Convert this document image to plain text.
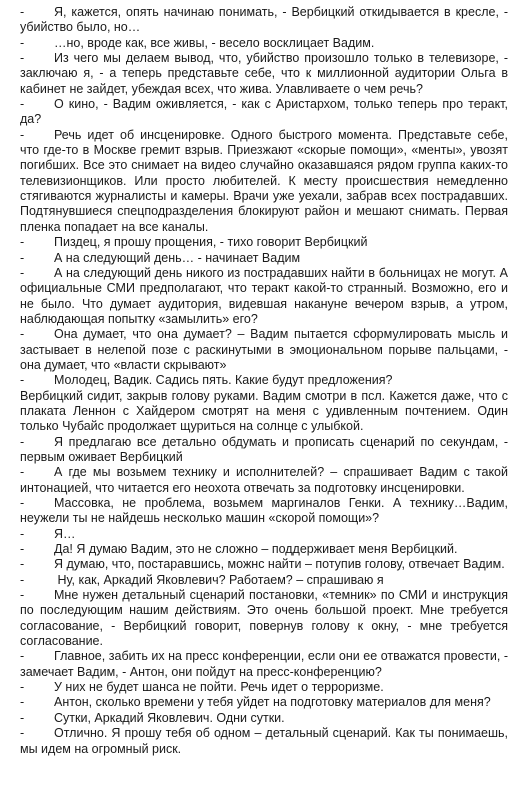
- Я, кажется, опять начинаю понимать, - Вербицкий откидывается в кресле, - убийство было, но…

- …но, вроде как, все живы, - весело восклицает Вадим.

- Из чего мы делаем вывод, что, убийство произошло только в телевизоре, - заключаю я, - а теперь представьте себе, что к миллионной аудитории Ольга в кабинет не зайдет, убеждая всех, что жива. Улавливаете о чем речь?

- О кино, - Вадим оживляется, - как с Аристархом, только теперь про теракт, да?

- Речь идет об инсценировке. Одного быстрого момента. Представьте себе, что где-то в Москве гремит взрыв. Приезжают «скорые помощи», «менты», увозят погибших. Все это снимает на видео случайно оказавшаяся рядом группа каких-то телевизионщиков. Или просто любителей. К месту происшествия немедленно стягиваются журналисты и камеры. Врачи уже уехали, забрав всех пострадавших. Подтянувшиеся спецподразделения блокируют район и мешают снимать. Первая пленка попадает на все каналы.

- Пиздец, я прошу прощения, - тихо говорит Вербицкий

- А на следующий день… - начинает Вадим

- А на следующий день никого из пострадавших найти в больницах не могут. А официальные СМИ предполагают, что теракт какой-то странный. Возможно, его и не было. Что думает аудитория, видевшая накануне вечером взрыв, а утром, наблюдающая попытку «замылить» его?

- Она думает, что она думает? – Вадим пытается сформулировать мысль и застывает в нелепой позе с раскинутыми в эмоциональном порыве пальцами, - она думает, что «власти скрывают»

- Молодец, Вадик. Садись пять. Какие будут предложения?

Вербицкий сидит, закрыв голову руками. Вадим смотри в псл. Кажется даже, что с плаката Леннон с Хайдером смотрят на меня с удивленным почтением. Один только Чубайс продолжает щуриться на солнце с улыбкой.

- Я предлагаю все детально обдумать и прописать сценарий по секундам, - первым оживает Вербицкий

- А где мы возьмем технику и исполнителей? – спрашивает Вадим с такой интонацией, что читается его неохота отвечать за подготовку инсценировки.

- Массовка, не проблема, возьмем маргиналов Генки. А технику…Вадим, неужели ты не найдешь несколько машин «скорой помощи»?

- Я…

- Да! Я думаю Вадим, это не сложно – поддерживает меня Вербицкий.

- Я думаю, что, постаравшись, можнс найти – потупив голову, отвечает Вадим.

- Ну, как, Аркадий Яковлевич? Работаем? – спрашиваю я

- Мне нужен детальный сценарий постановки, «темник» по СМИ и инструкция по последующим нашим действиям. Это очень большой проект. Мне требуется согласование, - Вербицкий говорит, повернув голову к окну, - мне требуется согласование.

- Главное, забить их на пресс конференции, если они ее отважатся провести, - замечает Вадим, - Антон, они пойдут на пресс-конференцию?

- У них не будет шанса не пойти. Речь идет о терроризме.

- Антон, сколько времени у тебя уйдет на подготовку материалов для меня?

- Сутки, Аркадий Яковлевич. Одни сутки.

- Отлично. Я прошу тебя об одном – детальный сценарий. Как ты понимаешь, мы идем на огромный риск.
